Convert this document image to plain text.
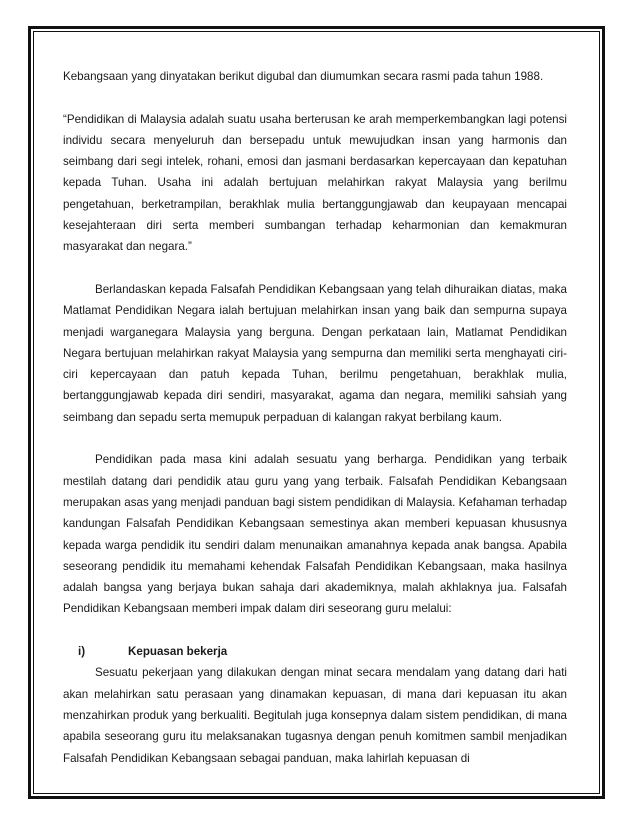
Kebangsaan yang dinyatakan berikut digubal dan diumumkan secara rasmi pada tahun 1988.

“Pendidikan di Malaysia adalah suatu usaha berterusan ke arah memperkembangkan lagi potensi individu secara menyeluruh dan bersepadu untuk mewujudkan insan yang harmonis dan seimbang dari segi intelek, rohani, emosi dan jasmani berdasarkan kepercayaan dan kepatuhan kepada Tuhan. Usaha ini adalah bertujuan melahirkan rakyat Malaysia yang berilmu pengetahuan, berketrampilan, berakhlak mulia bertanggungjawab dan keupayaan mencapai kesejahteraan diri serta memberi sumbangan terhadap keharmonian dan kemakmuran masyarakat dan negara.”

Berlandaskan kepada Falsafah Pendidikan Kebangsaan yang telah dihuraikan diatas, maka Matlamat Pendidikan Negara ialah bertujuan melahirkan insan yang baik dan sempurna supaya menjadi warganegara Malaysia yang berguna. Dengan perkataan lain, Matlamat Pendidikan Negara bertujuan melahirkan rakyat Malaysia yang sempurna dan memiliki serta menghayati ciri-ciri kepercayaan dan patuh kepada Tuhan, berilmu pengetahuan, berakhlak mulia, bertanggungjawab kepada diri sendiri, masyarakat, agama dan negara, memiliki sahsiah yang seimbang dan sepadu serta memupuk perpaduan di kalangan rakyat berbilang kaum.

Pendidikan pada masa kini adalah sesuatu yang berharga. Pendidikan yang terbaik mestilah datang dari pendidik atau guru yang yang terbaik. Falsafah Pendidikan Kebangsaan merupakan asas yang menjadi panduan bagi sistem pendidikan di Malaysia. Kefahaman terhadap kandungan Falsafah Pendidikan Kebangsaan semestinya akan memberi kepuasan khususnya kepada warga pendidik itu sendiri dalam menunaikan amanahnya kepada anak bangsa. Apabila seseorang pendidik itu memahami kehendak Falsafah Pendidikan Kebangsaan, maka hasilnya adalah bangsa yang berjaya bukan sahaja dari akademiknya, malah akhlaknya jua. Falsafah Pendidikan Kebangsaan memberi impak dalam diri seseorang guru melalui:

i)	Kepuasan bekerja

Sesuatu pekerjaan yang dilakukan dengan minat secara mendalam yang datang dari hati akan melahirkan satu perasaan yang dinamakan kepuasan, di mana dari kepuasan itu akan menzahirkan produk yang berkualiti. Begitulah juga konsepnya dalam sistem pendidikan, di mana apabila seseorang guru itu melaksanakan tugasnya dengan penuh komitmen sambil menjadikan Falsafah Pendidikan Kebangsaan sebagai panduan, maka lahirlah kepuasan di
